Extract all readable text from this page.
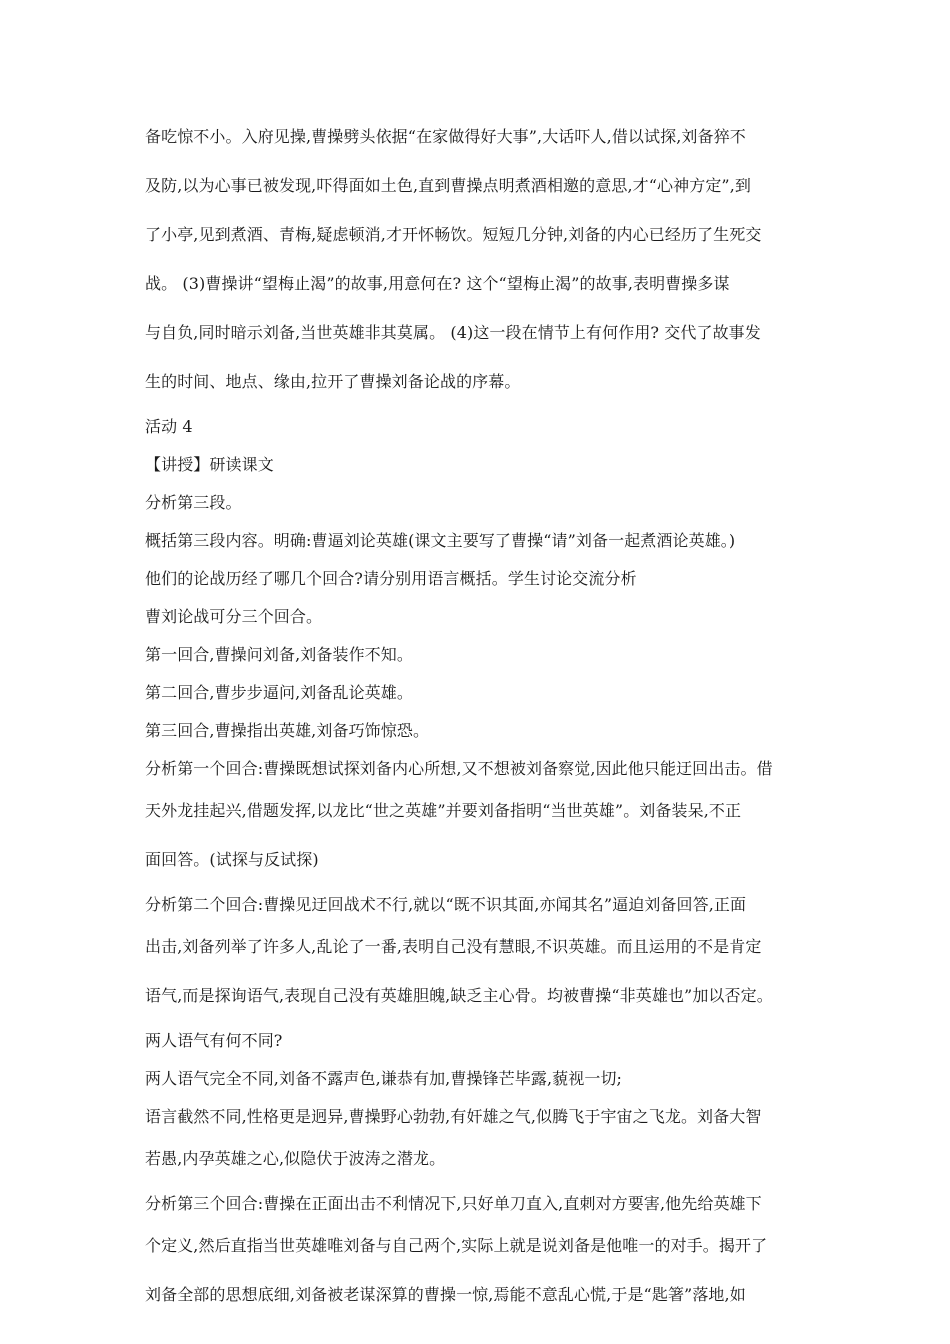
备吃惊不小。入府见操,曹操劈头依据“在家做得好大事”,大话吓人,借以试探,刘备猝不
及防,以为心事已被发现,吓得面如土色,直到曹操点明煮酒相邀的意思,才“心神方定”,到
了小亭,见到煮酒、青梅,疑虑顿消,才开怀畅饮。短短几分钟,刘备的内心已经历了生死交
战。 (3)曹操讲“望梅止渴”的故事,用意何在? 这个“望梅止渴”的故事,表明曹操多谋
与自负,同时暗示刘备,当世英雄非其莫属。 (4)这一段在情节上有何作用? 交代了故事发
生的时间、地点、缘由,拉开了曹操刘备论战的序幕。
活动 4
【讲授】研读课文
分析第三段。
概括第三段内容。明确:曹逼刘论英雄(课文主要写了曹操“请”刘备一起煮酒论英雄。)
他们的论战历经了哪几个回合?请分别用语言概括。学生讨论交流分析
曹刘论战可分三个回合。
第一回合,曹操问刘备,刘备装作不知。
第二回合,曹步步逼问,刘备乱论英雄。
第三回合,曹操指出英雄,刘备巧饰惊恐。
分析第一个回合:曹操既想试探刘备内心所想,又不想被刘备察觉,因此他只能迂回出击。借
天外龙挂起兴,借题发挥,以龙比“世之英雄”并要刘备指明“当世英雄”。刘备装呆,不正
面回答。(试探与反试探)
分析第二个回合:曹操见迂回战术不行,就以“既不识其面,亦闻其名”逼迫刘备回答,正面
出击,刘备列举了许多人,乱论了一番,表明自己没有慧眼,不识英雄。而且运用的不是肯定
语气,而是探询语气,表现自己没有英雄胆魄,缺乏主心骨。均被曹操“非英雄也”加以否定。
两人语气有何不同?
两人语气完全不同,刘备不露声色,谦恭有加,曹操锋芒毕露,藐视一切;
语言截然不同,性格更是迥异,曹操野心勃勃,有奸雄之气,似腾飞于宇宙之飞龙。刘备大智
若愚,内孕英雄之心,似隐伏于波涛之潜龙。
分析第三个回合:曹操在正面出击不利情况下,只好单刀直入,直刺对方要害,他先给英雄下
个定义,然后直指当世英雄唯刘备与自己两个,实际上就是说刘备是他唯一的对手。揭开了
刘备全部的思想底细,刘备被老谋深算的曹操一惊,焉能不意乱心慌,于是“匙箸”落地,如
